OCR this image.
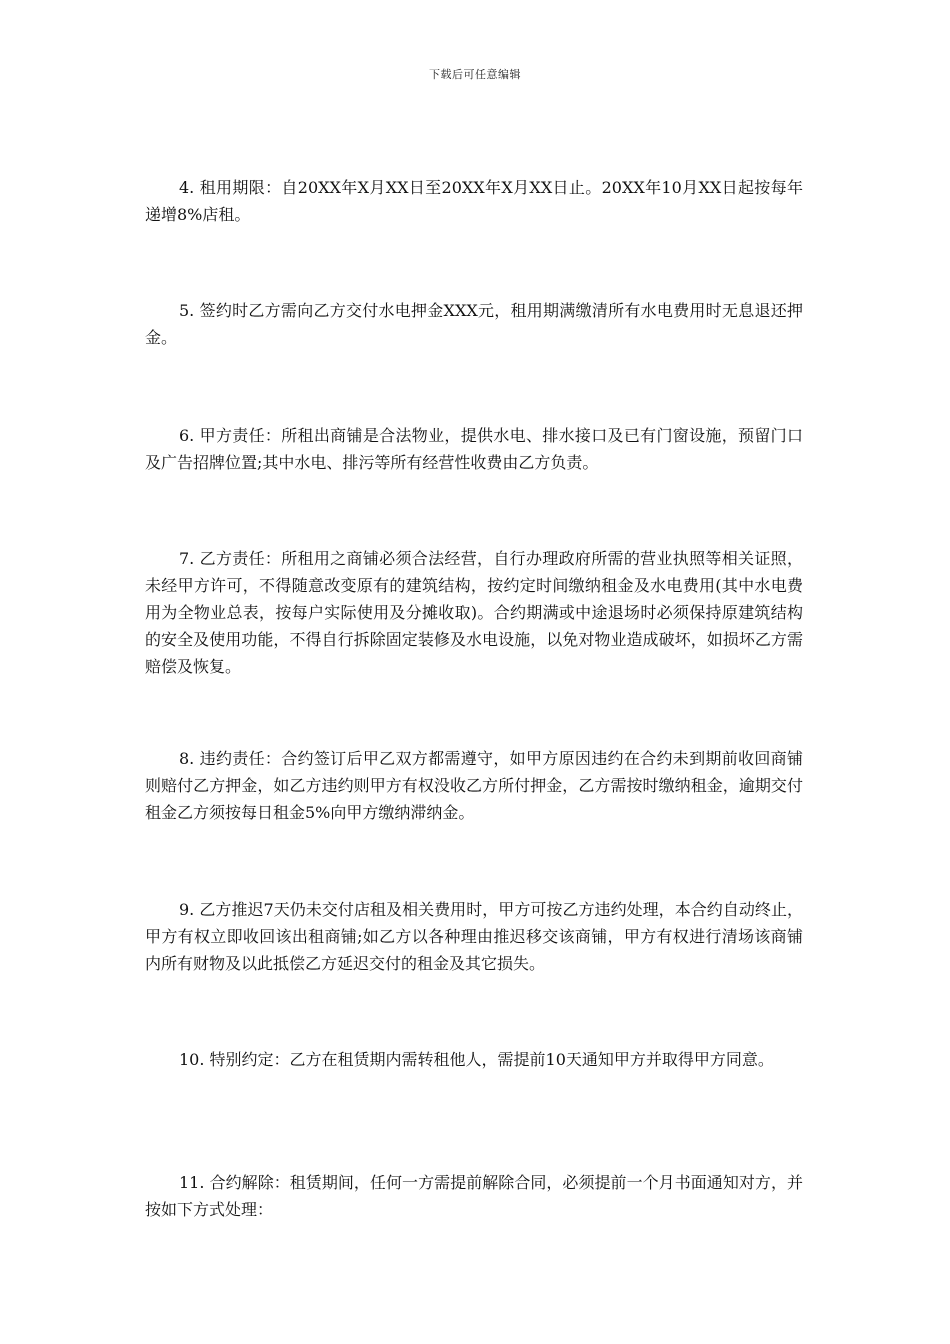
下载后可任意编辑

4. 租用期限：自20XX年X月XX日至20XX年X月XX日止。20XX年10月XX日起按每年递增8%店租。

5. 签约时乙方需向乙方交付水电押金XXX元，租用期满缴清所有水电费用时无息退还押金。

6. 甲方责任：所租出商铺是合法物业，提供水电、排水接口及已有门窗设施，预留门口及广告招牌位置;其中水电、排污等所有经营性收费由乙方负责。

7. 乙方责任：所租用之商铺必须合法经营，自行办理政府所需的营业执照等相关证照，未经甲方许可，不得随意改变原有的建筑结构，按约定时间缴纳租金及水电费用(其中水电费用为全物业总表，按每户实际使用及分摊收取)。合约期满或中途退场时必须保持原建筑结构的安全及使用功能，不得自行拆除固定装修及水电设施，以免对物业造成破坏，如损坏乙方需赔偿及恢复。

8. 违约责任：合约签订后甲乙双方都需遵守，如甲方原因违约在合约未到期前收回商铺则赔付乙方押金，如乙方违约则甲方有权没收乙方所付押金，乙方需按时缴纳租金，逾期交付租金乙方须按每日租金5%向甲方缴纳滞纳金。

9. 乙方推迟7天仍未交付店租及相关费用时，甲方可按乙方违约处理，本合约自动终止，甲方有权立即收回该出租商铺;如乙方以各种理由推迟移交该商铺，甲方有权进行清场该商铺内所有财物及以此抵偿乙方延迟交付的租金及其它损失。

10. 特别约定：乙方在租赁期内需转租他人，需提前10天通知甲方并取得甲方同意。

11. 合约解除：租赁期间，任何一方需提前解除合同，必须提前一个月书面通知对方，并按如下方式处理：
